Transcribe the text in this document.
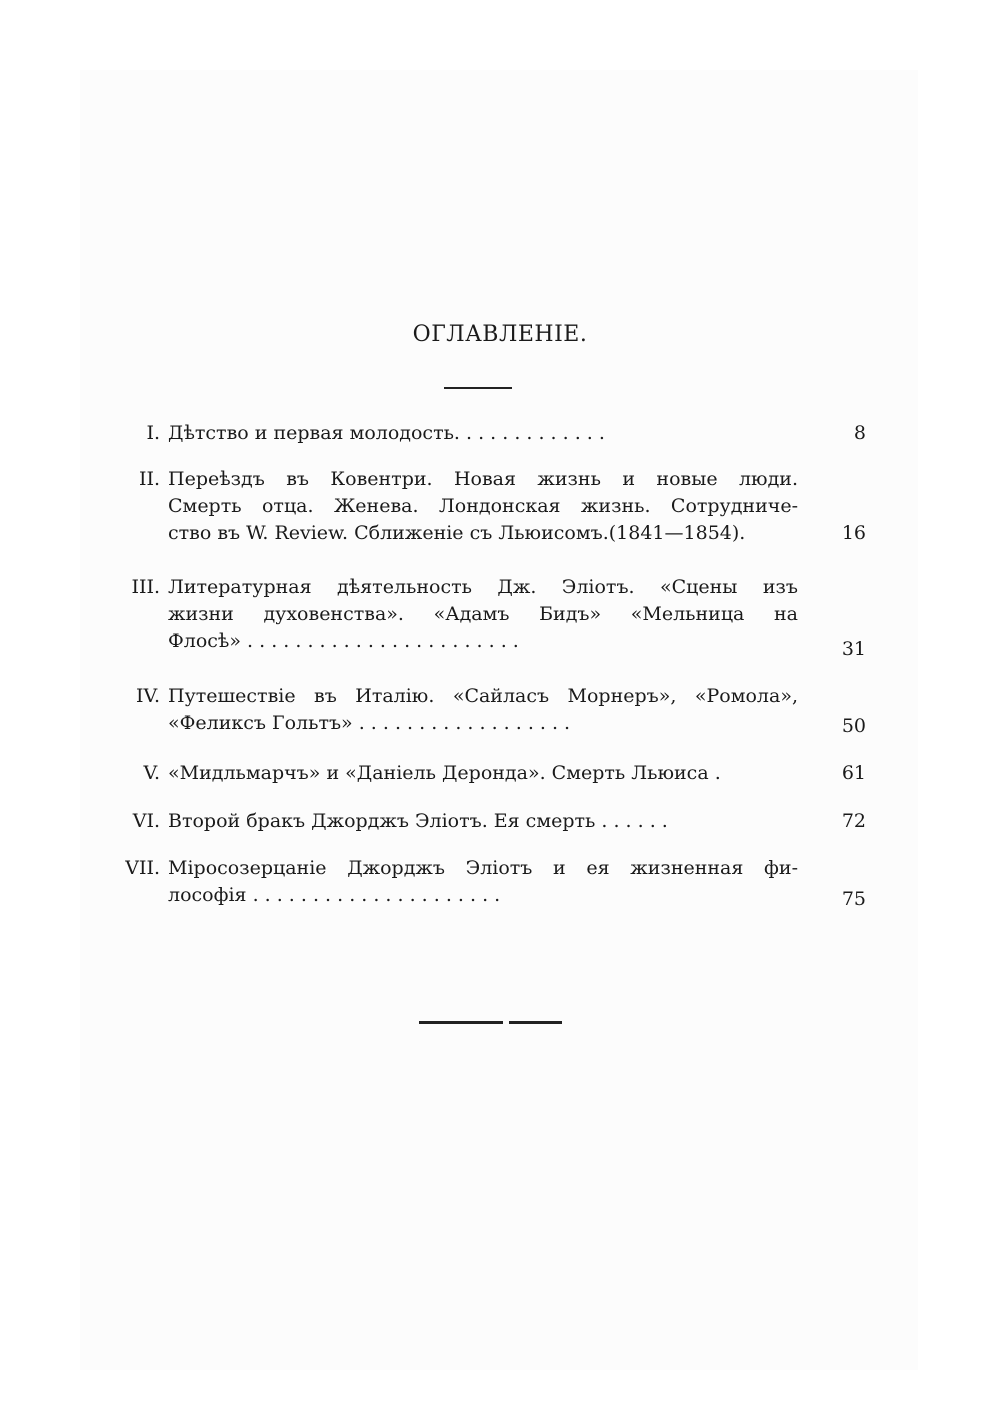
ОГЛАВЛЕНІЕ.
I. Дѣтство и первая молодость. . . . . . . . . . . . .	8
II. Переѣздъ въ Ковентри. Новая жизнь и новые люди.
Смерть отца. Женева. Лондонская жизнь. Сотрудниче-
ство въ W. Review. Сближеніе съ Льюисомъ.(1841—1854).	16
III. Литературная дѣятельность Дж. Эліотъ. «Сцены изъ
жизни духовенства». «Адамъ Бидъ» «Мельница на
Флосѣ» . . . . . . . . . . . . . . . . . . . . . . .	31
IV. Путешествіе въ Италію. «Сайласъ Морнеръ», «Ромола»,
«Феликсъ Гольтъ» . . . . . . . . . . . . . . . . . .	50
V. «Мидльмарчъ» и «Даніель Деронда». Смерть Льюиса .	61
VI. Второй бракъ Джорджъ Эліотъ. Ея смерть . . . . . .	72
VII. Міросозерцаніе Джорджъ Эліотъ и ея жизненная фи-
лософія . . . . . . . . . . . . . . . . . . . . .	75
